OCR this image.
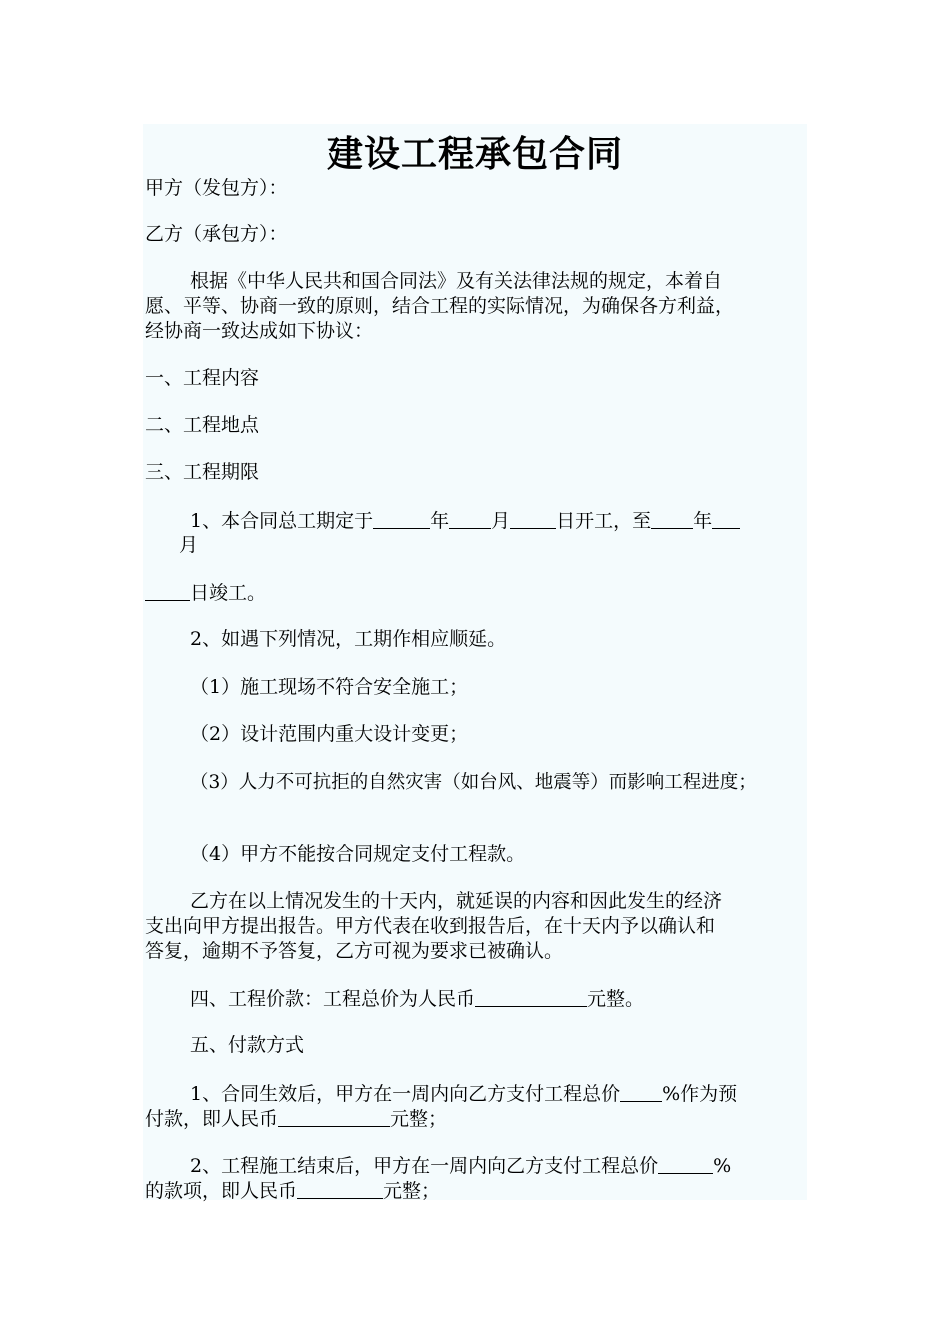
建设工程承包合同
甲方（发包方）：
乙方（承包方）：
根据《中华人民共和国合同法》及有关法律法规的规定，本着自
愿、平等、协商一致的原则，结合工程的实际情况，为确保各方利益，
经协商一致达成如下协议：
一、工程内容
二、工程地点
三、工程期限
1、本合同总工期定于	年 月 日开工，至 年
月
日竣工。
2、如遇下列情况，工期作相应顺延。
（1）施工现场不符合安全施工；
（2）设计范围内重大设计变更；
（3）人力不可抗拒的自然灾害（如台风、地震等）而影响工程进度；
（4）甲方不能按合同规定支付工程款。
乙方在以上情况发生的十天内，就延误的内容和因此发生的经济
支出向甲方提出报告。甲方代表在收到报告后，在十天内予以确认和
答复，逾期不予答复，乙方可视为要求已被确认。
四、工程价款：工程总价为人民币	元整。
五、付款方式
1、合同生效后，甲方在一周内向乙方支付工程总价 %作为预
付款，即人民币	元整；
2、工程施工结束后，甲方在一周内向乙方支付工程总价	%
的款项，即人民币	元整；
